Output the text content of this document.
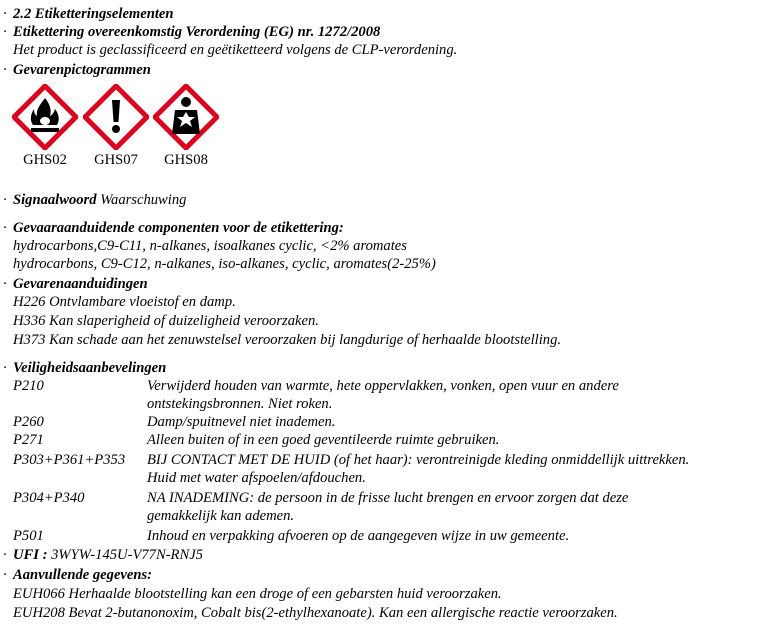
· 2.2 Etiketteringselementen
· Etikettering overeenkomstig Verordening (EG) nr. 1272/2008
Het product is geclassificeerd en geëtiketteerd volgens de CLP-verordening.
· Gevarenpictogrammen
GHS02	GHS07	GHS08
· Signaalwoord Waarschuwing
· Gevaaraanduidende componenten voor de etikettering:
hydrocarbons,C9-C11, n-alkanes, isoalkanes cyclic, <2% aromates
hydrocarbons, C9-C12, n-alkanes, iso-alkanes, cyclic, aromates(2-25%)
· Gevarenaanduidingen
H226 Ontvlambare vloeistof en damp.
H336 Kan slaperigheid of duizeligheid veroorzaken.
H373 Kan schade aan het zenuwstelsel veroorzaken bij langdurige of herhaalde blootstelling.
· Veiligheidsaanbevelingen
P210	Verwijderd houden van warmte, hete oppervlakken, vonken, open vuur en andere
ontstekingsbronnen. Niet roken.
P260	Damp/spuitnevel niet inademen.
P271	Alleen buiten of in een goed geventileerde ruimte gebruiken.
P303+P361+P353 BIJ CONTACT MET DE HUID (of het haar): verontreinigde kleding onmiddellijk uittrekken.
Huid met water afspoelen/afdouchen.
P304+P340	NA INADEMING: de persoon in de frisse lucht brengen en ervoor zorgen dat deze
gemakkelijk kan ademen.
P501	Inhoud en verpakking afvoeren op de aangegeven wijze in uw gemeente.
· UFI : 3WYW-145U-V77N-RNJ5
· Aanvullende gegevens:
EUH066 Herhaalde blootstelling kan een droge of een gebarsten huid veroorzaken.
EUH208 Bevat 2-butanonoxim, Cobalt bis(2-ethylhexanoate). Kan een allergische reactie veroorzaken.
